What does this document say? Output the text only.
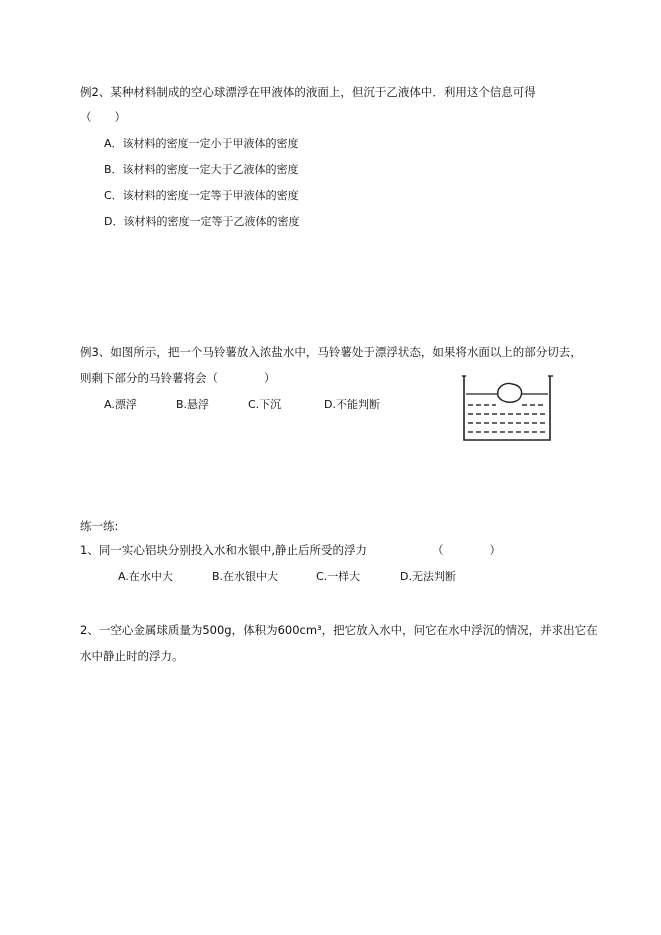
例2、某种材料制成的空心球漂浮在甲液体的液面上，但沉于乙液体中．利用这个信息可得
（　　）
A．该材料的密度一定小于甲液体的密度
B．该材料的密度一定大于乙液体的密度
C．该材料的密度一定等于甲液体的密度
D．该材料的密度一定等于乙液体的密度
例3、如图所示，把一个马铃薯放入浓盐水中，马铃薯处于漂浮状态，如果将水面以上的部分切去，
则剩下部分的马铃薯将会（　　　　）
A.漂浮	B.悬浮	C.下沉	D.不能判断
练一练:
1、同一实心铝块分别投入水和水银中,静止后所受的浮力	（　　　　）
A.在水中大	B.在水银中大	C.一样大	D.无法判断
2、一空心金属球质量为500g，体积为600cm³，把它放入水中，问它在水中浮沉的情况，并求出它在
水中静止时的浮力。
